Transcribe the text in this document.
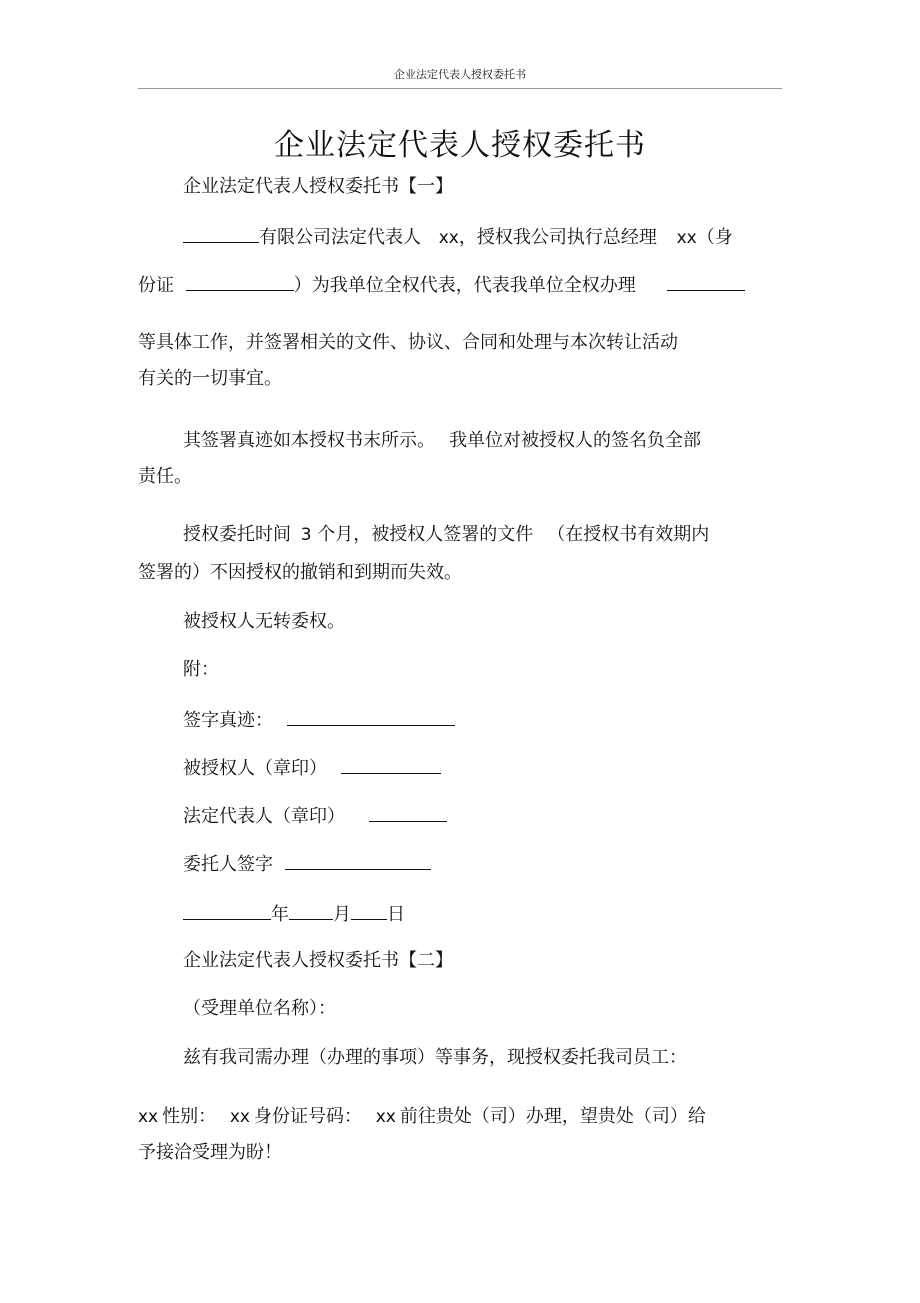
企业法定代表人授权委托书
企业法定代表人授权委托书
企业法定代表人授权委托书【一】
有限公司法定代表人 xx，授权我公司执行总经理 xx（身
份证	）为我单位全权代表，代表我单位全权办理
等具体工作，并签署相关的文件、协议、合同和处理与本次转让活动
有关的一切事宜。
其签署真迹如本授权书末所示。 我单位对被授权人的签名负全部
责任。
授权委托时间 3 个月，被授权人签署的文件 （在授权书有效期内
签署的）不因授权的撤销和到期而失效。
被授权人无转委权。
附：
签字真迹：
被授权人（章印）
法定代表人（章印）
委托人签字
年 月 日
企业法定代表人授权委托书【二】
（受理单位名称）：
兹有我司需办理（办理的事项）等事务，现授权委托我司员工：
xx 性别： xx 身份证号码： xx 前往贵处（司）办理，望贵处（司）给
予接洽受理为盼！
